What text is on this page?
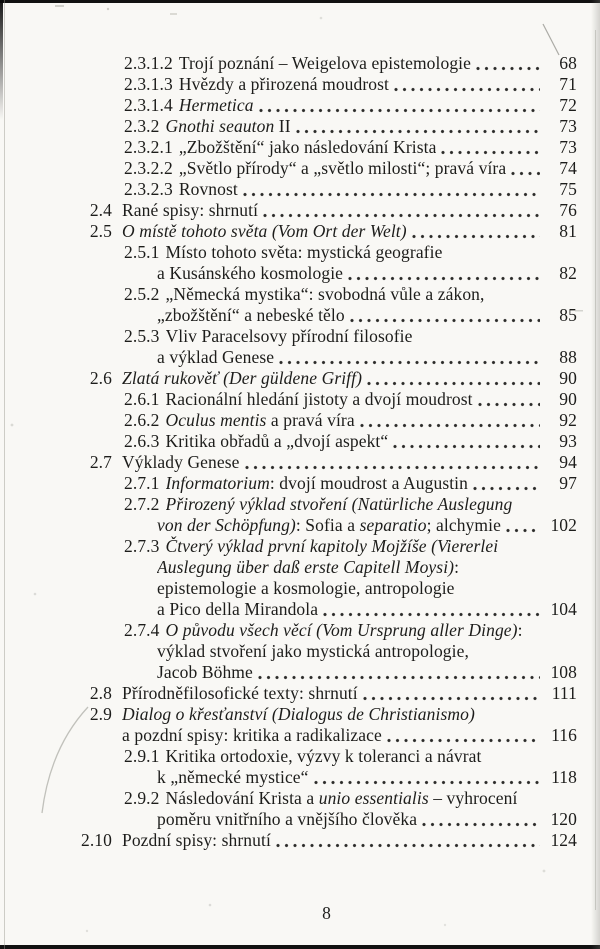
2.3.1.2 Trojí poznání – Weigelova epistemologie	68
2.3.1.3 Hvězdy a přirozená moudrost	71
2.3.1.4 Hermetica	72
2.3.2 Gnothi seauton II	73
2.3.2.1 „Zbožštění“ jako následování Krista	73
2.3.2.2 „Světlo přírody“ a „světlo milosti“; pravá víra	74
2.3.2.3 Rovnost	75
2.4 Rané spisy: shrnutí	76
2.5 O místě tohoto světa (Vom Ort der Welt)	81
2.5.1 Místo tohoto světa: mystická geografie
a Kusánského kosmologie	82
2.5.2 „Německá mystika“: svobodná vůle a zákon,
„zbožštění“ a nebeské tělo	85
2.5.3 Vliv Paracelsovy přírodní filosofie
a výklad Genese	88
2.6 Zlatá rukověť (Der güldene Griff)	90
2.6.1 Racionální hledání jistoty a dvojí moudrost	90
2.6.2 Oculus mentis a pravá víra	92
2.6.3 Kritika obřadů a „dvojí aspekt“	93
2.7 Výklady Genese	94
2.7.1 Informatorium: dvojí moudrost a Augustin	97
2.7.2 Přirozený výklad stvoření (Natürliche Auslegung
von der Schöpfung): Sofia a separatio; alchymie	102
2.7.3 Čtverý výklad první kapitoly Mojžíše (Viererlei
Auslegung über daß erste Capitell Moysi):
epistemologie a kosmologie, antropologie
a Pico della Mirandola	104
2.7.4 O původu všech věcí (Vom Ursprung aller Dinge):
výklad stvoření jako mystická antropologie,
Jacob Böhme	108
2.8 Přírodněfilosofické texty: shrnutí	111
2.9 Dialog o křesťanství (Dialogus de Christianismo)
a pozdní spisy: kritika a radikalizace	116
2.9.1 Kritika ortodoxie, výzvy k toleranci a návrat
k „německé mystice“	118
2.9.2 Následování Krista a unio essentialis – vyhrocení
poměru vnitřního a vnějšího člověka	120
2.10 Pozdní spisy: shrnutí	124
8
